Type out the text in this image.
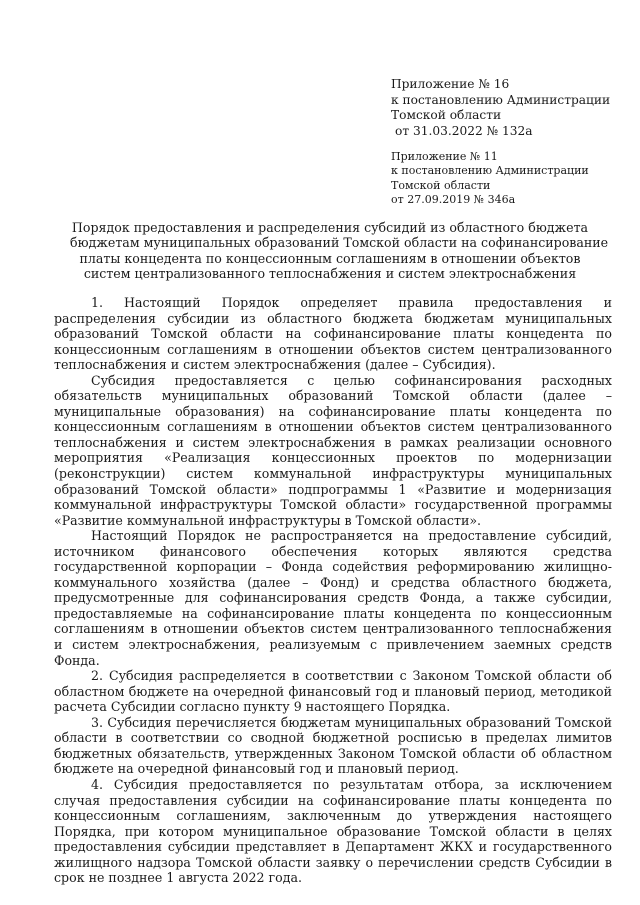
Приложение № 16
к постановлению Администрации
Томской области
от 31.03.2022 № 132а
Приложение № 11
к постановлению Администрации
Томской области
от 27.09.2019 № 346а
Порядок предоставления и распределения субсидий из областного бюджета
бюджетам муниципальных образований Томской области на софинансирование
платы концедента по концессионным соглашениям в отношении объектов
систем централизованного теплоснабжения и систем электроснабжения

1. Настоящий Порядок определяет правила предоставления и распределения субсидии из областного бюджета бюджетам муниципальных образований Томской области на софинансирование платы концедента по концессионным соглашениям в отношении объектов систем централизованного теплоснабжения и систем электроснабжения (далее – Субсидия).

Субсидия предоставляется с целью софинансирования расходных обязательств муниципальных образований Томской области (далее – муниципальные образования) на софинансирование платы концедента по концессионным соглашениям в отношении объектов систем централизованного теплоснабжения и систем электроснабжения в рамках реализации основного мероприятия «Реализация концессионных проектов по модернизации (реконструкции) систем коммунальной инфраструктуры муниципальных образований Томской области» подпрограммы 1 «Развитие и модернизация коммунальной инфраструктуры Томской области» государственной программы «Развитие коммунальной инфраструктуры в Томской области».

Настоящий Порядок не распространяется на предоставление субсидий, источником финансового обеспечения которых являются средства государственной корпорации – Фонда содействия реформированию жилищно-коммунального хозяйства (далее – Фонд) и средства областного бюджета, предусмотренные для софинансирования средств Фонда, а также субсидии, предоставляемые на софинансирование платы концедента по концессионным соглашениям в отношении объектов систем централизованного теплоснабжения и систем электроснабжения, реализуемым с привлечением заемных средств Фонда.

2. Субсидия распределяется в соответствии с Законом Томской области об областном бюджете на очередной финансовый год и плановый период, методикой расчета Субсидии согласно пункту 9 настоящего Порядка.

3. Субсидия перечисляется бюджетам муниципальных образований Томской области в соответствии со сводной бюджетной росписью в пределах лимитов бюджетных обязательств, утвержденных Законом Томской области об областном бюджете на очередной финансовый год и плановый период.

4. Субсидия предоставляется по результатам отбора, за исключением случая предоставления субсидии на софинансирование платы концедента по концессионным соглашениям, заключенным до утверждения настоящего Порядка, при котором муниципальное образование Томской области в целях предоставления субсидии представляет в Департамент ЖКХ и государственного жилищного надзора Томской области заявку о перечислении средств Субсидии в срок не позднее 1 августа 2022 года.
